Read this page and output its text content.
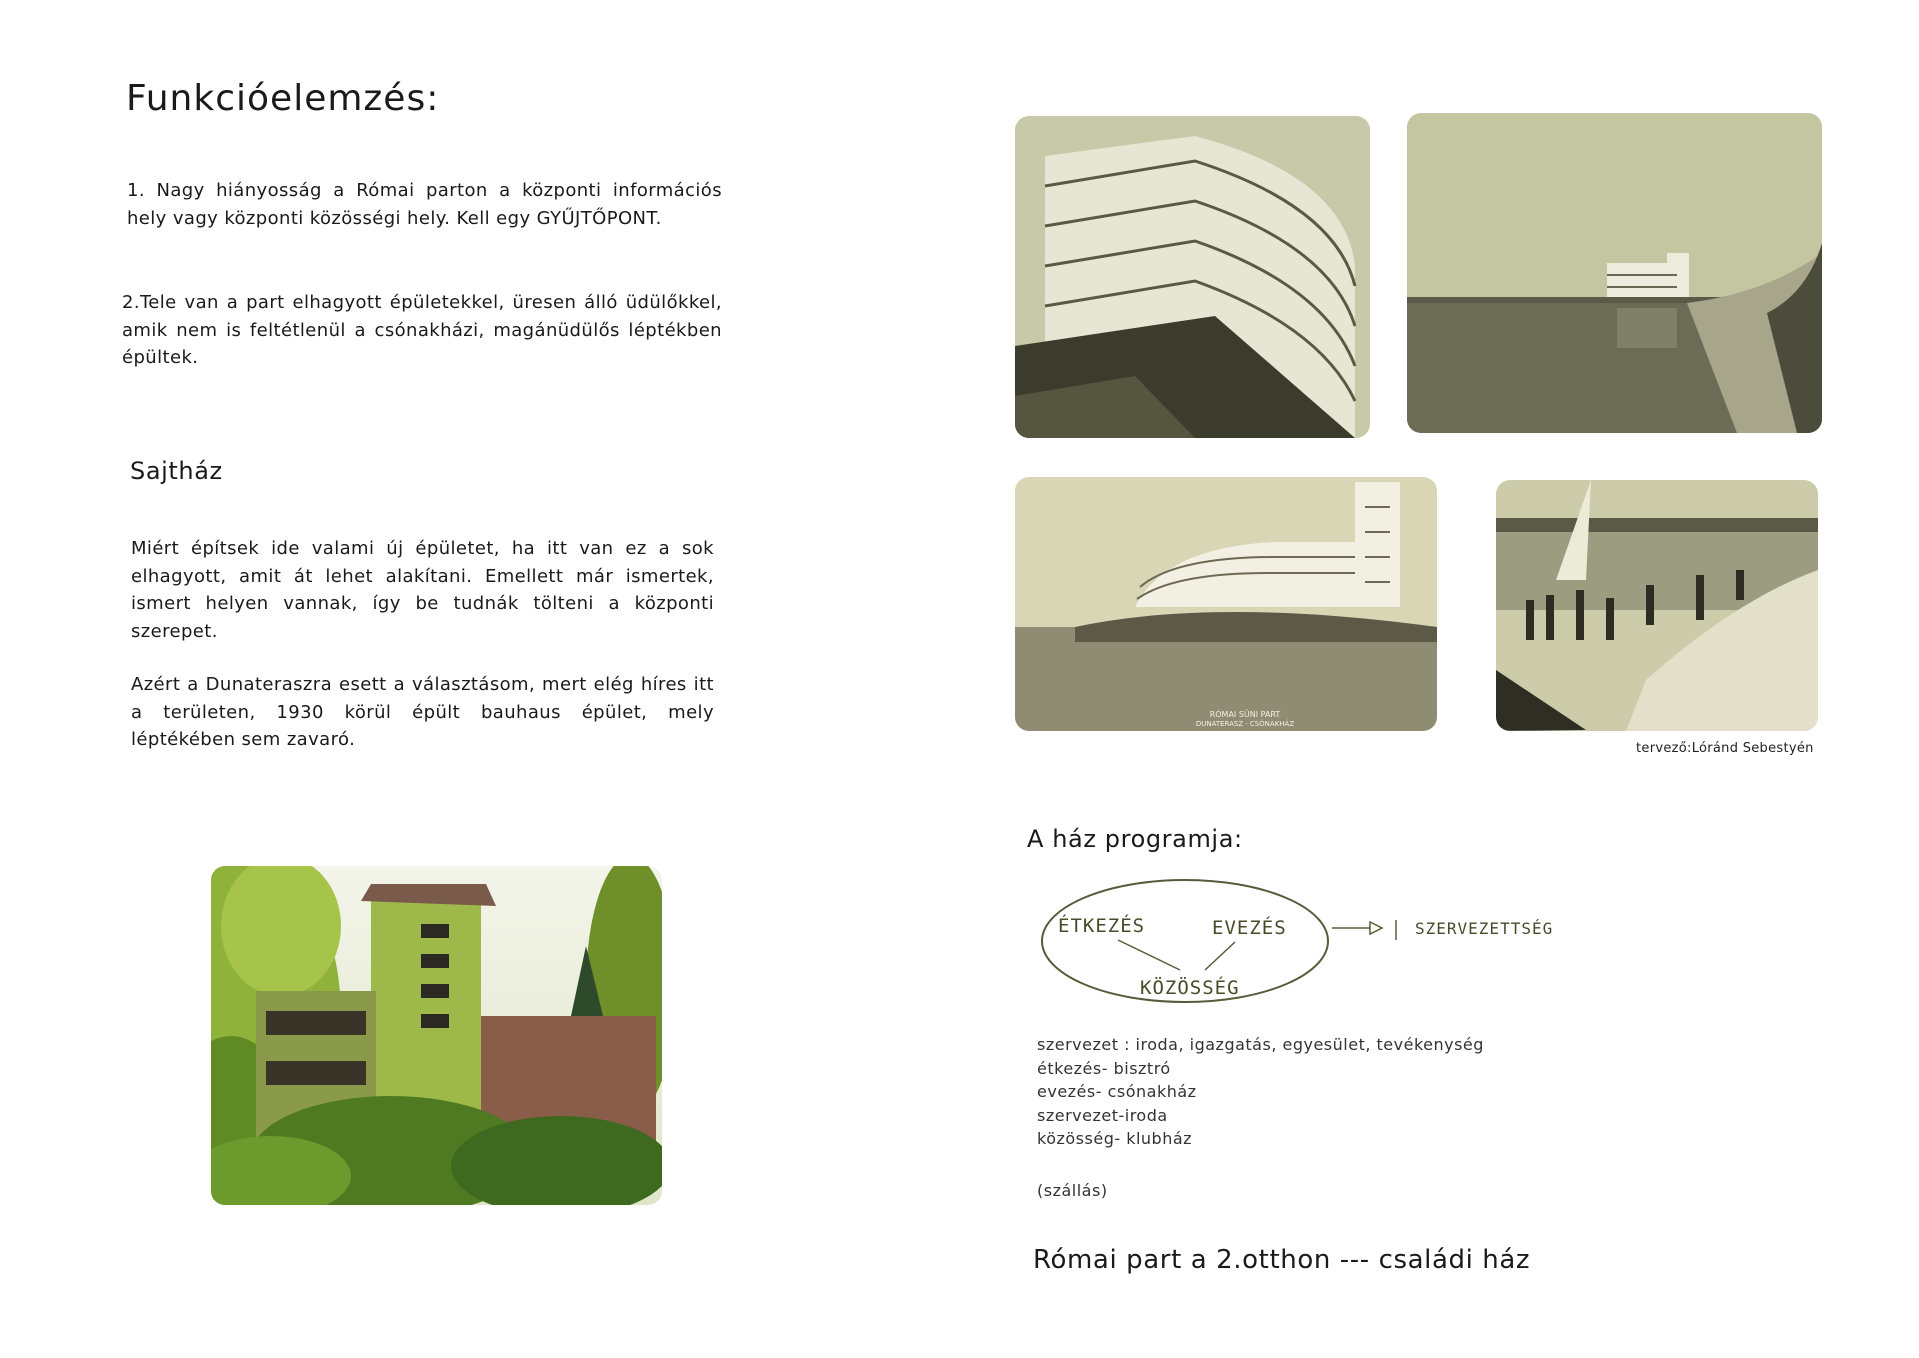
Funkcióelemzés:

1. Nagy hiányosság a Római parton a központi információs hely vagy központi közösségi hely. Kell egy GYŰJTŐPONT.

2.Tele van a part elhagyott épületekkel, üresen álló üdülőkkel, amik nem is feltétlenül a csónakházi, magánüdülős léptékben épültek.

Sajtház

Miért építsek ide valami új épületet, ha itt van ez a sok elhagyott, amit át lehet alakítani. Emellett már ismertek, ismert helyen vannak, így be tudnák tölteni a központi szerepet.

Azért a Dunateraszra esett a választásom, mert elég híres itt a területen, 1930 körül épült bauhaus épület, mely léptékében sem zavaró.

RÓMAI SÜNI PART
DUNATERASZ · CSÓNAKHÁZ
tervező:Lóránd Sebestyén
A ház programja:
ÉTKEZÉS	EVEZÉS
KÖZÖSSÉG
SZERVEZETTSÉG
szervezet : iroda, igazgatás, egyesület, tevékenység
étkezés- bisztró
evezés- csónakház
szervezet-iroda
közösség- klubház
(szállás)
Római part a 2.otthon --- családi ház
